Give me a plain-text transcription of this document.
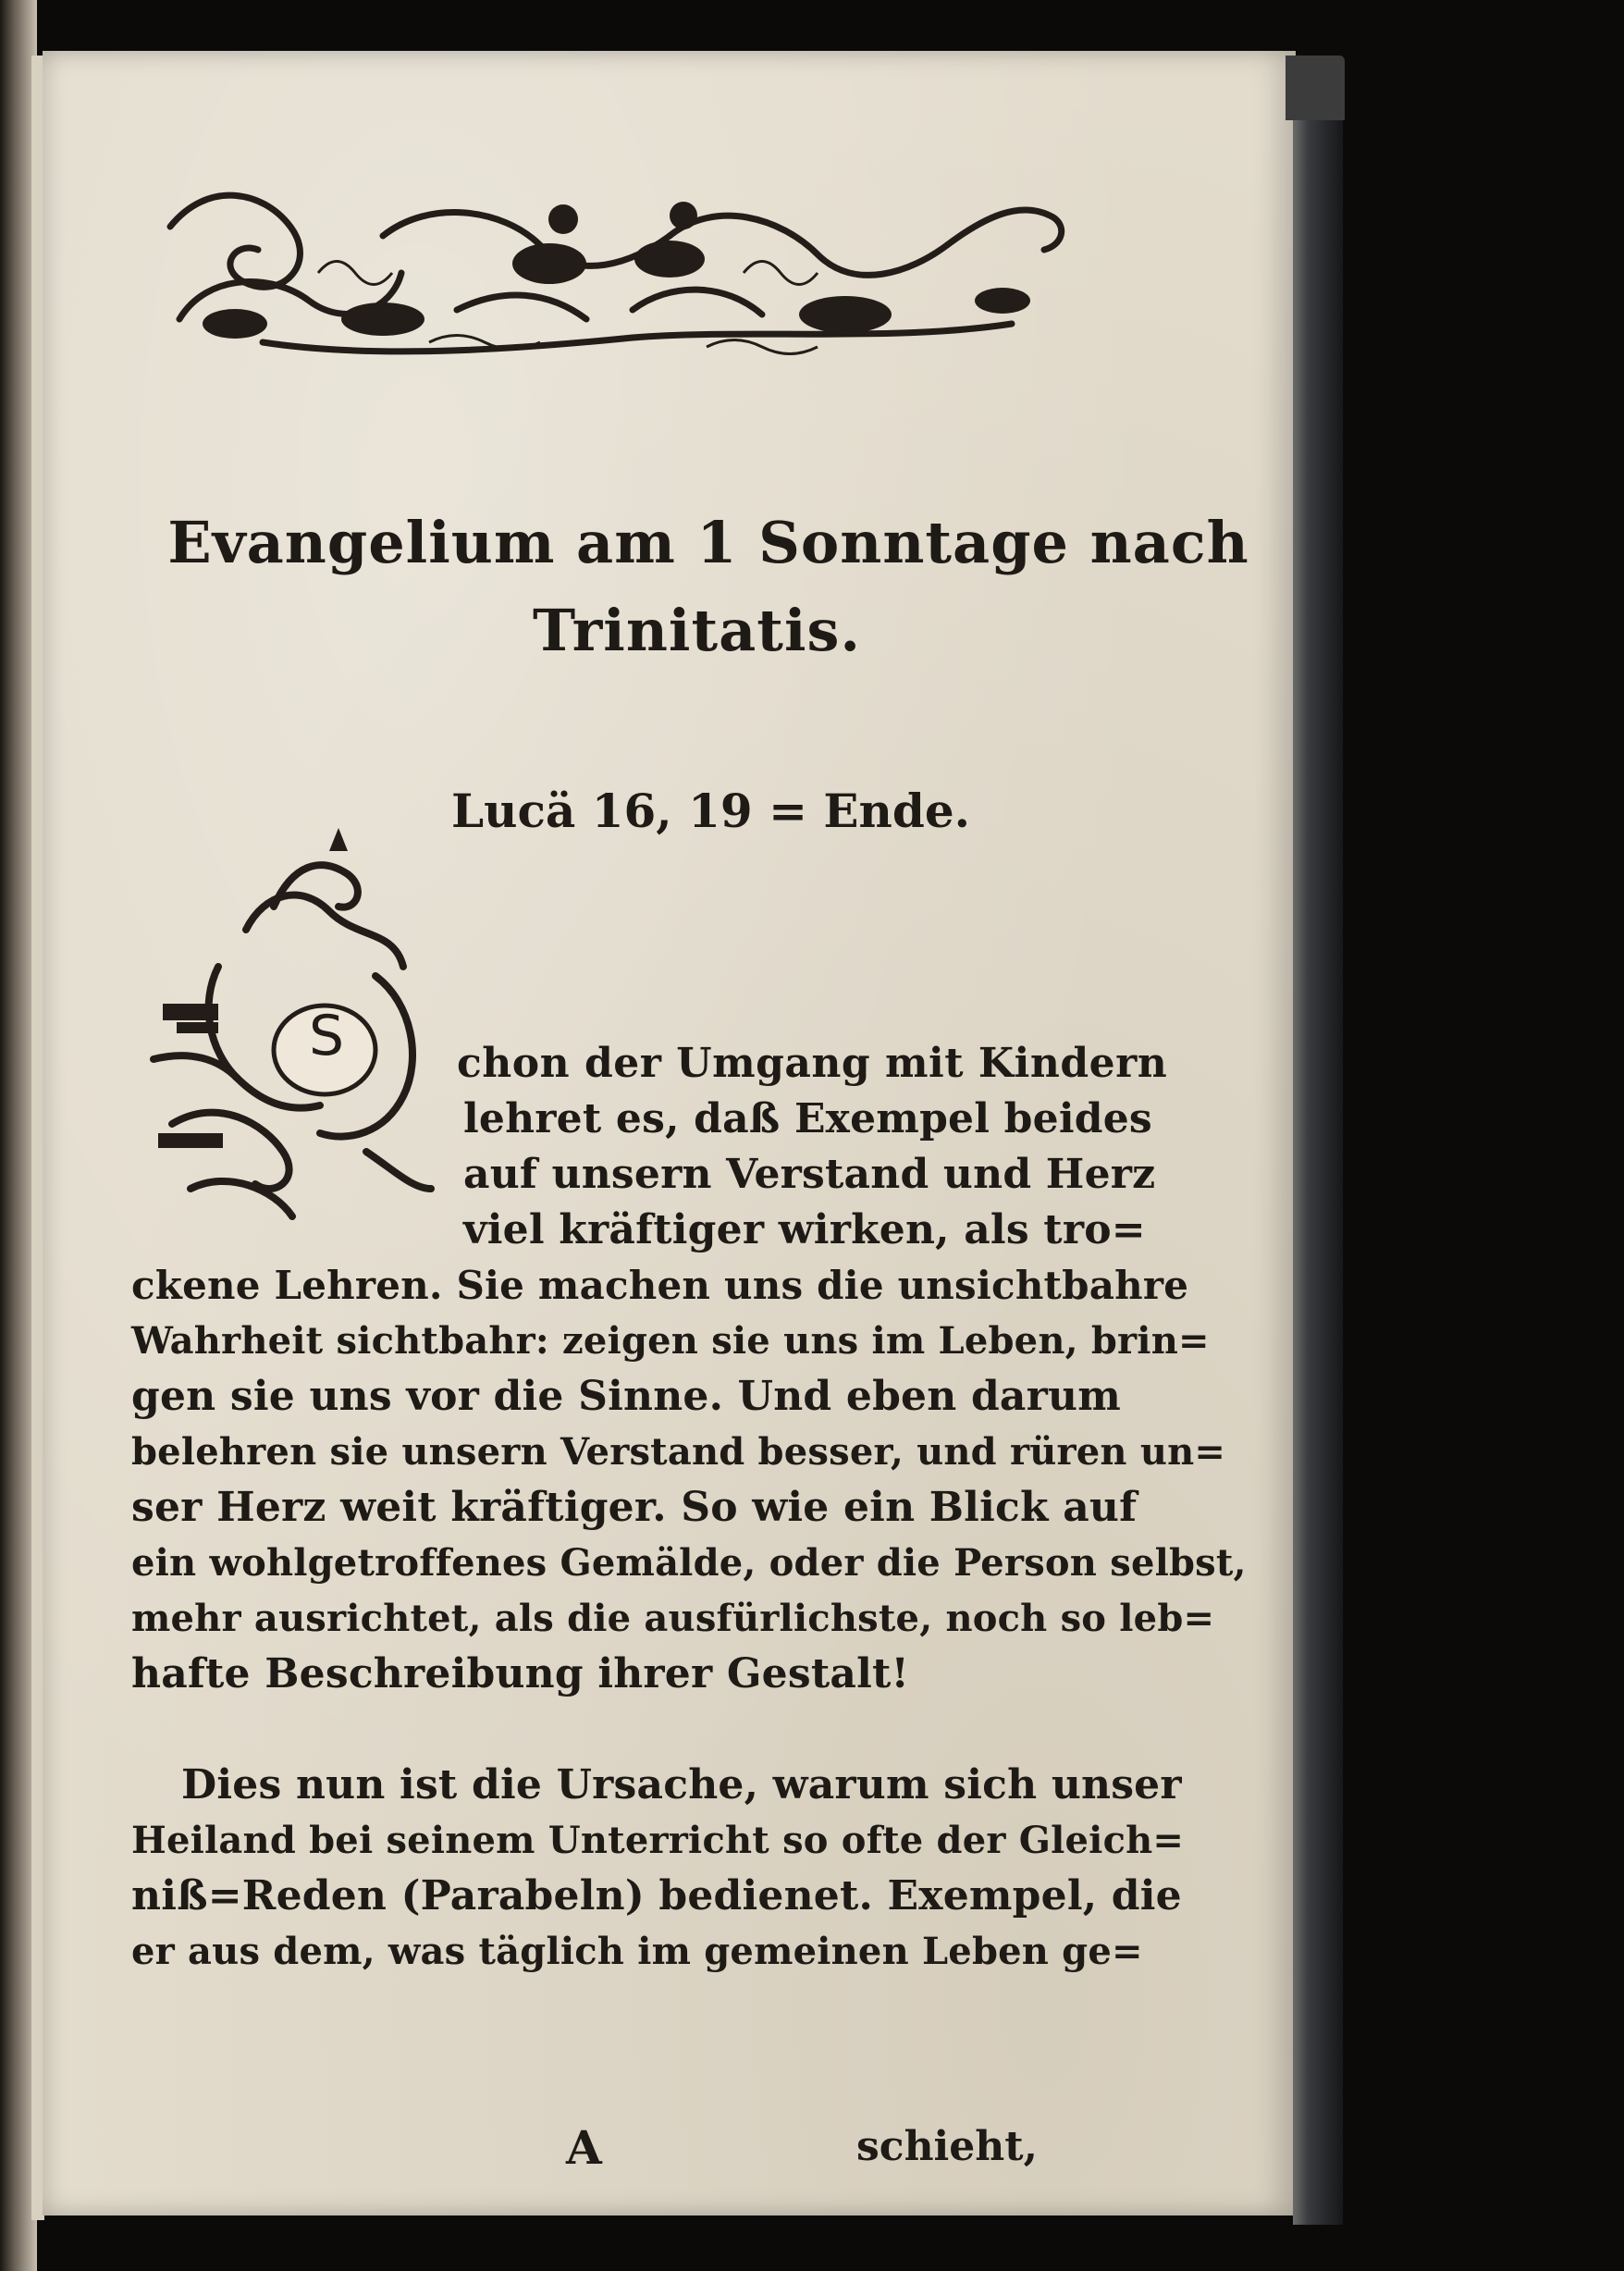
Evangelium am 1 Sonntage nach
Trinitatis.
Lucä 16, 19 = Ende.
S	chon der Umgang mit Kindern
lehret es, daß Exempel beides
auf unsern Verstand und Herz
viel kräftiger wirken, als tro=
ckene Lehren. Sie machen uns die unsichtbahre
Wahrheit sichtbahr: zeigen sie uns im Leben, brin=
gen sie uns vor die Sinne. Und eben darum
belehren sie unsern Verstand besser, und rüren un=
ser Herz weit kräftiger. So wie ein Blick auf
ein wohlgetroffenes Gemälde, oder die Person selbst,
mehr ausrichtet, als die ausfürlichste, noch so leb=
hafte Beschreibung ihrer Gestalt!
Dies nun ist die Ursache, warum sich unser
Heiland bei seinem Unterricht so ofte der Gleich=
niß=Reden (Parabeln) bedienet. Exempel, die
er aus dem, was täglich im gemeinen Leben ge=
A	schieht,
